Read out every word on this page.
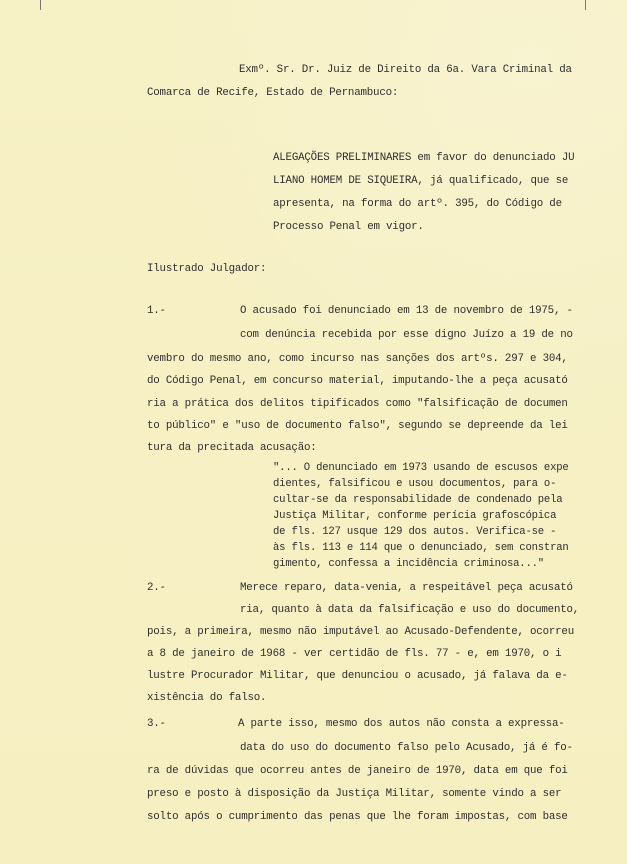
Exmº. Sr. Dr. Juiz de Direito da 6a. Vara Criminal da
Comarca de Recife, Estado de Pernambuco:
ALEGAÇÕES PRELIMINARES em favor do denunciado JU
LIANO HOMEM DE SIQUEIRA, já qualificado, que se
apresenta, na forma do artº. 395, do Código de
Processo Penal em vigor.
Ilustrado Julgador:
1.-	O acusado foi denunciado em 13 de novembro de 1975, -
com denúncia recebida por esse digno Juízo a 19 de no
vembro do mesmo ano, como incurso nas sanções dos artºs. 297 e 304,
do Código Penal, em concurso material, imputando-lhe a peça acusató
ria a prática dos delitos tipificados como "falsificação de documen
to público" e "uso de documento falso", segundo se depreende da lei
tura da precitada acusação:
"... O denunciado em 1973 usando de escusos expe
dientes, falsificou e usou documentos, para o-
cultar-se da responsabilidade de condenado pela
Justiça Militar, conforme perícia grafoscópica
de fls. 127 usque 129 dos autos. Verifica-se -
às fls. 113 e 114 que o denunciado, sem constran
gimento, confessa a incidência criminosa..."
2.-	Merece reparo, data-venia, a respeitável peça acusató
ria, quanto à data da falsificação e uso do documento,
pois, a primeira, mesmo não imputável ao Acusado-Defendente, ocorreu
a 8 de janeiro de 1968 - ver certidão de fls. 77 - e, em 1970, o i
lustre Procurador Militar, que denunciou o acusado, já falava da e-
xistência do falso.
3.-	A parte isso, mesmo dos autos não consta a expressa-
data do uso do documento falso pelo Acusado, já é fo-
ra de dúvidas que ocorreu antes de janeiro de 1970, data em que foi
preso e posto à disposição da Justiça Militar, somente vindo a ser
solto após o cumprimento das penas que lhe foram impostas, com base
